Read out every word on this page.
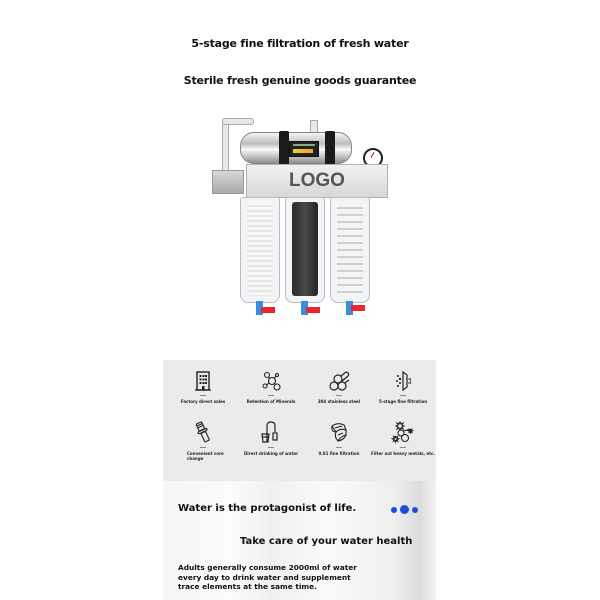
5-stage fine filtration of fresh water
Sterile fresh genuine goods guarantee
LOGO
Factory direct sales	Retention of Minerals	304 stainless steel	5-stage fine filtration
Convenient core change
Direct drinking of water	0.01 fine filtration	Filter out heavy metals, etc.
Water is the protagonist of life.
Take care of your water health
Adults generally consume 2000ml of water every day to drink water and supplement trace elements at the same time.
